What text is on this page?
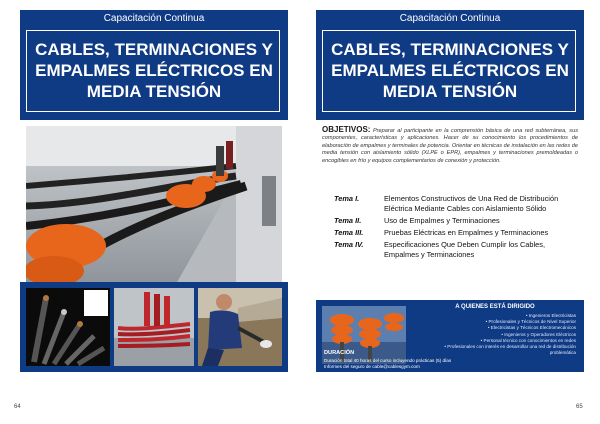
Capacitación Continua
CABLES, TERMINACIONES Y
EMPALMES ELÉCTRICOS EN
MEDIA TENSIÓN
64
Capacitación Continua
CABLES, TERMINACIONES Y
EMPALMES ELÉCTRICOS EN
MEDIA TENSIÓN
OBJETIVOS: Preparar al participante en la comprensión básica de una red subterránea, sus componentes, características y aplicaciones. Hacer de su conocimiento los procedimientos de elaboración de empalmes y terminales de potencia. Orientar en técnicas de instalación en las redes de media tensión con aislamiento sólido (XLPE o EPR), empalmes y terminaciones premoldeadas o encogibles en frío y equipos complementarios de conexión y protección.
Tema I.	Elementos Constructivos de Una Red de Distribución Eléctrica Mediante Cables con Aislamiento Sólido
Tema II.	Uso de Empalmes y Terminaciones
Tema III.	Pruebas Eléctricas en Empalmes y Terminaciones
Tema IV.	Especificaciones Que Deben Cumplir los Cables, Empalmes y Terminaciones
A QUIENES ESTÁ DIRIGIDO
• Ingenieros Electricistas
• Profesionales y Técnicos de Nivel Superior
• Electricistas y Técnicos Electromecánicos
• Ingenieros y Operadores Eléctricos
• Personal técnico con conocimientos en redes
• Profesionales con interés en desarrollar una red de distribución
problemática
DURACIÓN
Duración total 40 horas del curso incluyendo prácticas (5) días
Informes del seguro de cable@cablesgym.com
65
